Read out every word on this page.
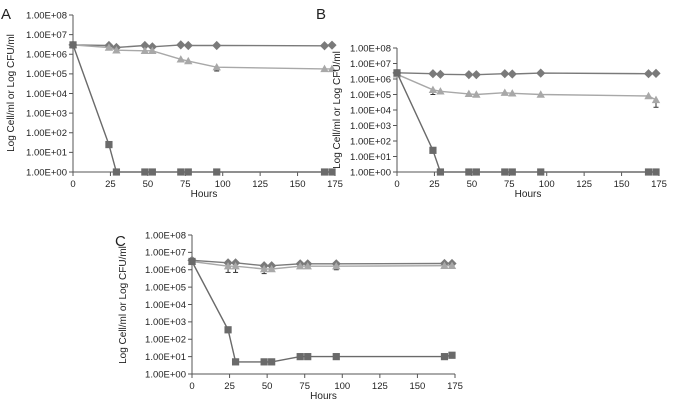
A	B
C
1.00E+00
1.00E+01
1.00E+02
1.00E+03
1.00E+04
1.00E+05
1.00E+06
1.00E+07
1.00E+08
0	25	50	75	100 125 150 175
Hours
Log Cell/ml or Log CFU/ml
1.00E+00
1.00E+01
1.00E+02
1.00E+03
1.00E+04
1.00E+05
1.00E+06
1.00E+07
1.00E+08
0	25	50	75	100 125 150 175
Hours
Log Cell/ml or Log CFU/ml
1.00E+00
1.00E+01
1.00E+02
1.00E+03
1.00E+04
1.00E+05
1.00E+06
1.00E+07
1.00E+08
0	25	50	75	100 125 150 175
Hours
Log Cell/ml or Log CFU/ml
